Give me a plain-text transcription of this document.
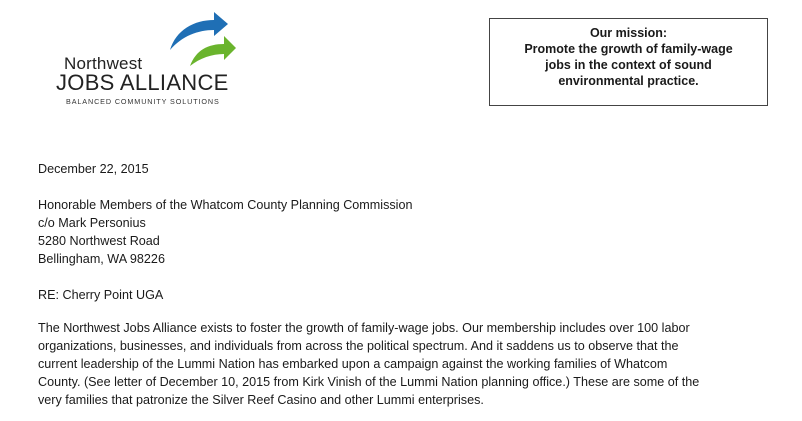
Northwest
JOBS ALLIANCE
BALANCED COMMUNITY SOLUTIONS
Our mission:
Promote the growth of family-wage
jobs in the context of sound
environmental practice.
December 22, 2015
Honorable Members of the Whatcom County Planning Commission
c/o Mark Personius
5280 Northwest Road
Bellingham, WA 98226
RE: Cherry Point UGA
The Northwest Jobs Alliance exists to foster the growth of family-wage jobs. Our membership includes over 100 labor
organizations, businesses, and individuals from across the political spectrum. And it saddens us to observe that the
current leadership of the Lummi Nation has embarked upon a campaign against the working families of Whatcom
County. (See letter of December 10, 2015 from Kirk Vinish of the Lummi Nation planning office.) These are some of the
very families that patronize the Silver Reef Casino and other Lummi enterprises.
